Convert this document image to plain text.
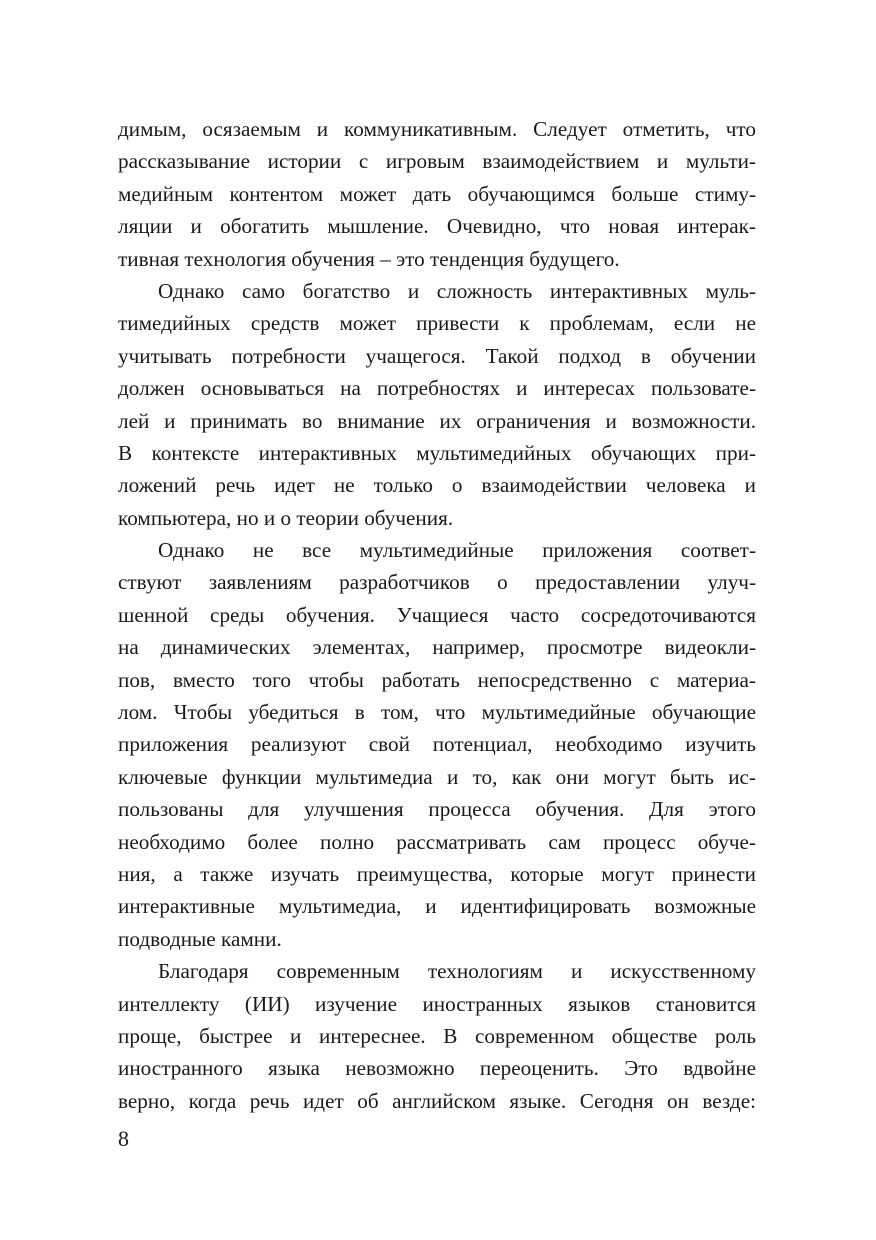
димым, осязаемым и коммуникативным. Следует отметить, что
рассказывание истории с игровым взаимодействием и мульти-
медийным контентом может дать обучающимся больше стиму-
ляции и обогатить мышление. Очевидно, что новая интерак-
тивная технология обучения – это тенденция будущего.
Однако само богатство и сложность интерактивных муль-
тимедийных средств может привести к проблемам, если не
учитывать потребности учащегося. Такой подход в обучении
должен основываться на потребностях и интересах пользовате-
лей и принимать во внимание их ограничения и возможности.
В контексте интерактивных мультимедийных обучающих при-
ложений речь идет не только о взаимодействии человека и
компьютера, но и о теории обучения.
Однако не все мультимедийные приложения соответ-
ствуют заявлениям разработчиков о предоставлении улуч-
шенной среды обучения. Учащиеся часто сосредоточиваются
на динамических элементах, например, просмотре видеокли-
пов, вместо того чтобы работать непосредственно с материа-
лом. Чтобы убедиться в том, что мультимедийные обучающие
приложения реализуют свой потенциал, необходимо изучить
ключевые функции мультимедиа и то, как они могут быть ис-
пользованы для улучшения процесса обучения. Для этого
необходимо более полно рассматривать сам процесс обуче-
ния, а также изучать преимущества, которые могут принести
интерактивные мультимедиа, и идентифицировать возможные
подводные камни.
Благодаря современным технологиям и искусственному
интеллекту (ИИ) изучение иностранных языков становится
проще, быстрее и интереснее. В современном обществе роль
иностранного языка невозможно переоценить. Это вдвойне
верно, когда речь идет об английском языке. Сегодня он везде:
8
